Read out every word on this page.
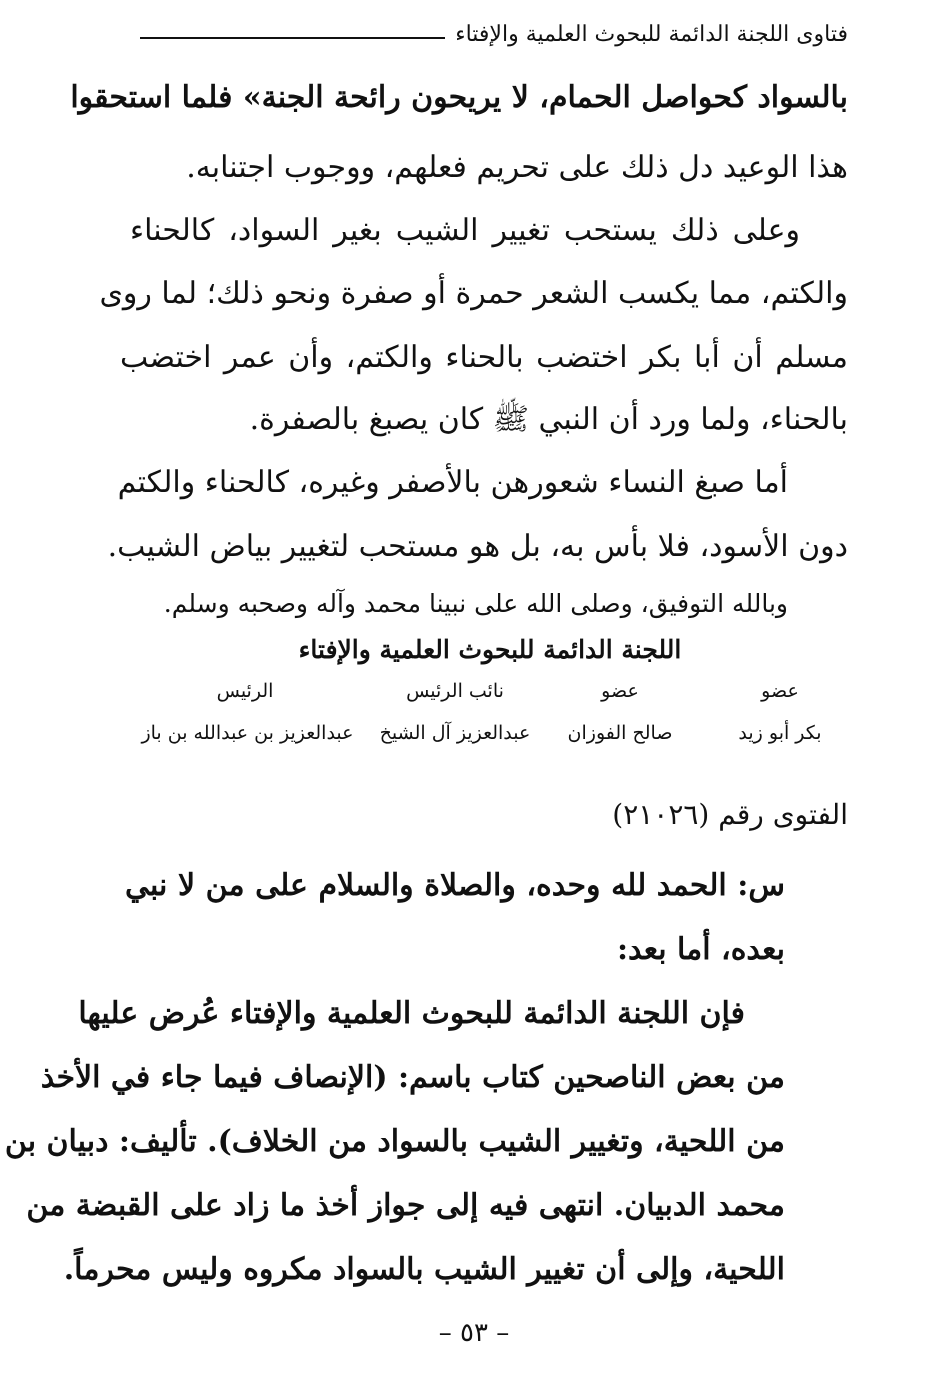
فتاوى اللجنة الدائمة للبحوث العلمية والإفتاء
بالسواد كحواصل الحمام، لا يريحون رائحة الجنة» فلما استحقوا
هذا الوعيد دل ذلك على تحريم فعلهم، ووجوب اجتنابه.
وعلى ذلك يستحب تغيير الشيب بغير السواد، كالحناء
والكتم، مما يكسب الشعر حمرة أو صفرة ونحو ذلك؛ لما روى
مسلم أن أبا بكر اختضب بالحناء والكتم، وأن عمر اختضب
بالحناء، ولما ورد أن النبي ﷺ كان يصبغ بالصفرة.
أما صبغ النساء شعورهن بالأصفر وغيره، كالحناء والكتم
دون الأسود، فلا بأس به، بل هو مستحب لتغيير بياض الشيب.
وبالله التوفيق، وصلى الله على نبينا محمد وآله وصحبه وسلم.
اللجنة الدائمة للبحوث العلمية والإفتاء
الرئيس	نائب الرئيس	عضو	عضو
عبدالعزيز بن عبدالله بن باز	عبدالعزيز آل الشيخ	صالح الفوزان	بكر أبو زيد
الفتوى رقم (٢١٠٢٦)
س: الحمد لله وحده، والصلاة والسلام على من لا نبي
بعده، أما بعد:
فإن اللجنة الدائمة للبحوث العلمية والإفتاء عُرض عليها
من بعض الناصحين كتاب باسم: (الإنصاف فيما جاء في الأخذ
من اللحية، وتغيير الشيب بالسواد من الخلاف). تأليف: دبيان بن
محمد الدبيان. انتهى فيه إلى جواز أخذ ما زاد على القبضة من
اللحية، وإلى أن تغيير الشيب بالسواد مكروه وليس محرماً.
– ٥٣ –
